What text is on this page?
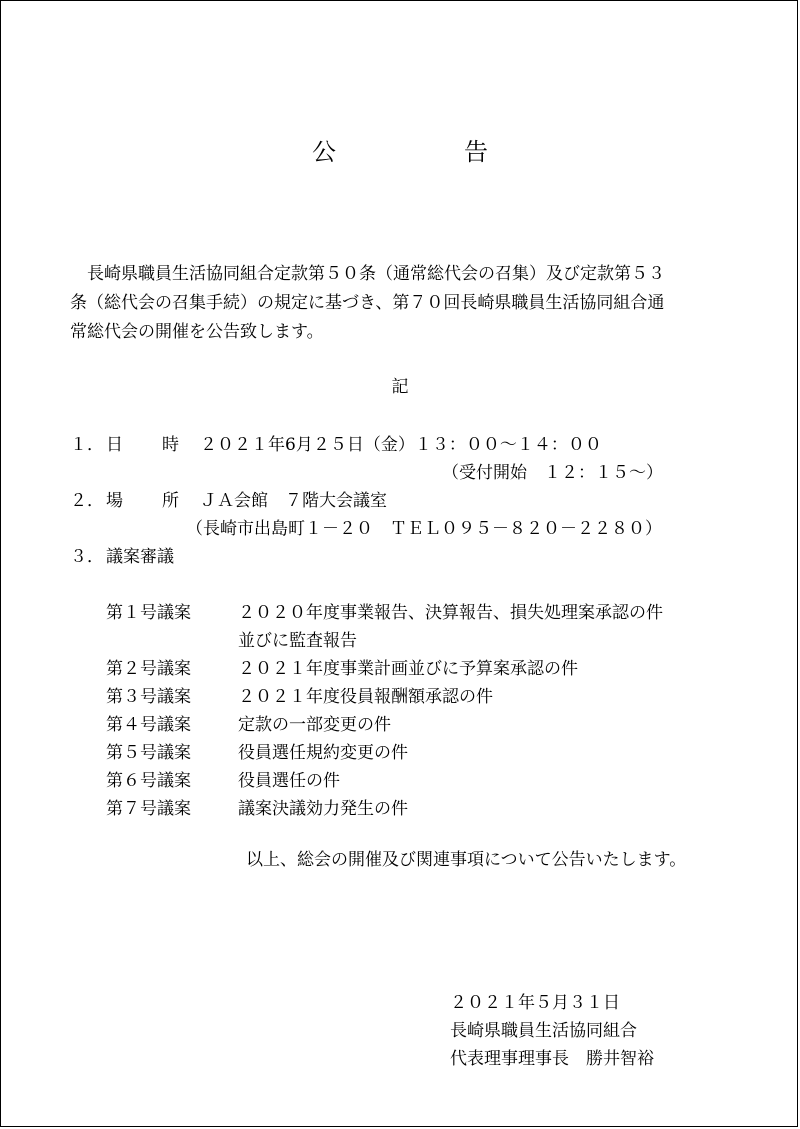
公　告

長崎県職員生活協同組合定款第５０条（通常総代会の召集）及び定款第５３

条（総代会の召集手続）の規定に基づき、第７０回長崎県職員生活協同組合通

常総代会の開催を公告致します。

記
１． 日 時 ２０２１年6月２５日（金）１３：００～１４：００
（受付開始　１２：１５～）
２． 場 所 ＪＡ会館　７階大会議室
（長崎市出島町１－２０　ＴＥＬ０９５－８２０－２２８０）
３． 議案審議
第１号議案	２０２０年度事業報告、決算報告、損失処理案承認の件
並びに監査報告
第２号議案	２０２１年度事業計画並びに予算案承認の件
第３号議案	２０２１年度役員報酬額承認の件
第４号議案	定款の一部変更の件
第５号議案	役員選任規約変更の件
第６号議案	役員選任の件
第７号議案	議案決議効力発生の件
以上、総会の開催及び関連事項について公告いたします。
２０２１年５月３１日
長崎県職員生活協同組合
代表理事理事長　勝井智裕
